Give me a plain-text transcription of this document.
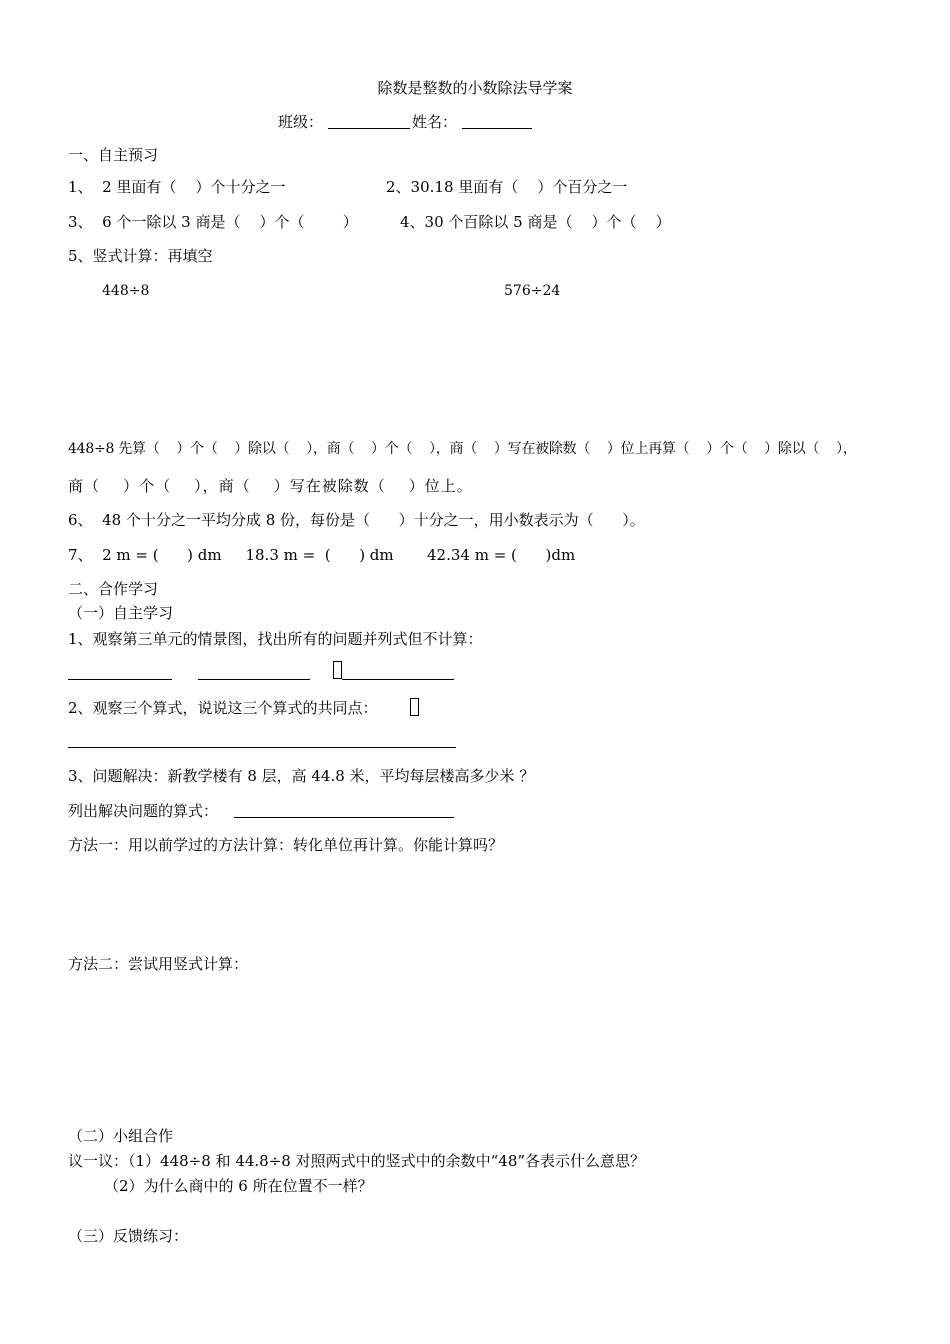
除数是整数的小数除法导学案
班级：	姓名：
一、自主预习
1、  2 里面有（    ）个十分之一	2、30.18 里面有（    ）个百分之一
3、  6 个一除以 3 商是（    ）个（        ）	4、30 个百除以 5 商是（    ）个（    ）
5、竖式计算：再填空
448÷8	576÷24
448÷8 先算（    ）个（    ）除以（    ），商（    ）个（    ），商（    ）写在被除数（    ）位上再算（    ）个（    ）除以（    ），
商（    ）个（    ），商（    ）写在被除数（    ）位上。
6、  48 个十分之一平均分成 8 份，每份是（      ）十分之一，用小数表示为（      ）。
7、  2 m = (      ) dm     18.3 m =  (      ) dm       42.34 m = (      )dm
二、合作学习
（一）自主学习
1、观察第三单元的情景图，找出所有的问题并列式但不计算：
2、观察三个算式，说说这三个算式的共同点：
3、问题解决：新教学楼有 8 层，高 44.8 米，平均每层楼高多少米 ？
列出解决问题的算式：
方法一：用以前学过的方法计算：转化单位再计算。你能计算吗？
方法二：尝试用竖式计算：
（二）小组合作
议一议：（1）448÷8 和 44.8÷8 对照两式中的竖式中的余数中“48”各表示什么意思？
（2）为什么商中的 6 所在位置不一样？
（三）反馈练习：
